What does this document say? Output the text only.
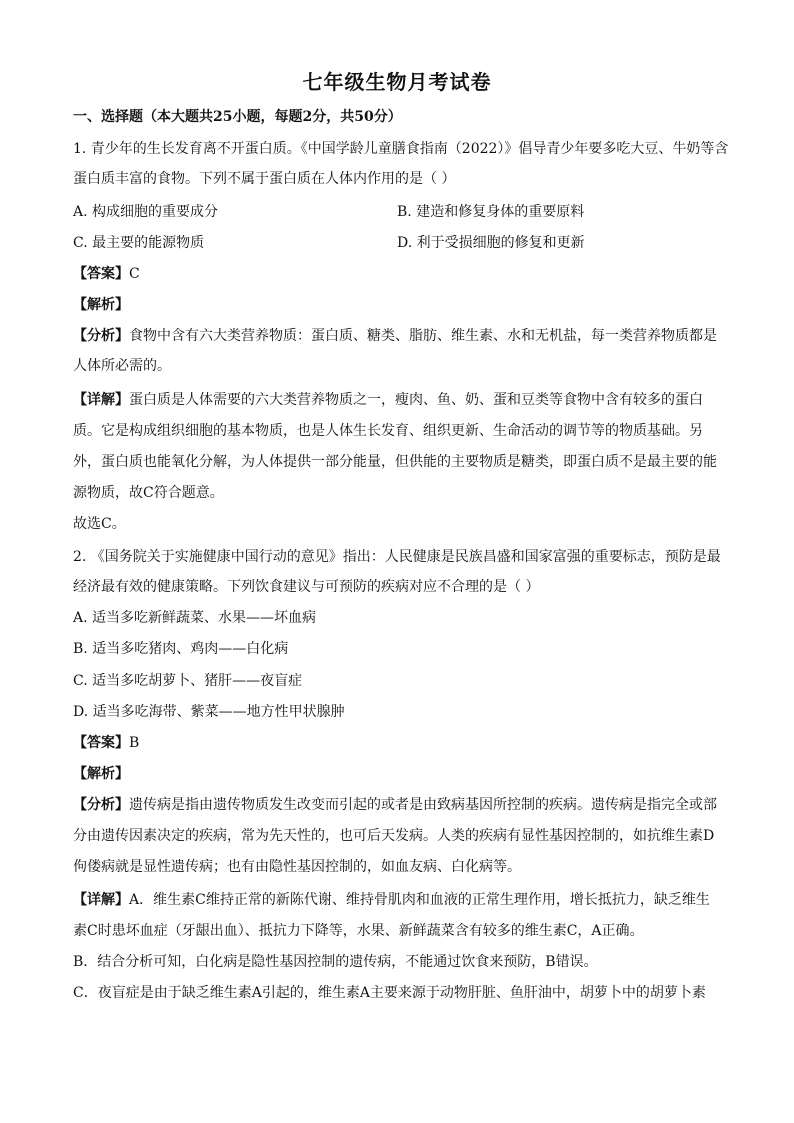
七年级生物月考试卷
一、选择题（本大题共25小题，每题2分，共50分）
1. 青少年的生长发育离不开蛋白质。《中国学龄儿童膳食指南（2022）》倡导青少年要多吃大豆、牛奶等含
蛋白质丰富的食物。下列不属于蛋白质在人体内作用的是（ ）
A. 构成细胞的重要成分	B. 建造和修复身体的重要原料
C. 最主要的能源物质	D. 利于受损细胞的修复和更新
【答案】C
【解析】
【分析】食物中含有六大类营养物质：蛋白质、糖类、脂肪、维生素、水和无机盐，每一类营养物质都是
人体所必需的。
【详解】蛋白质是人体需要的六大类营养物质之一，瘦肉、鱼、奶、蛋和豆类等食物中含有较多的蛋白
质。它是构成组织细胞的基本物质，也是人体生长发育、组织更新、生命活动的调节等的物质基础。另
外，蛋白质也能氧化分解，为人体提供一部分能量，但供能的主要物质是糖类，即蛋白质不是最主要的能
源物质，故C符合题意。
故选C。
2. 《国务院关于实施健康中国行动的意见》指出：人民健康是民族昌盛和国家富强的重要标志，预防是最
经济最有效的健康策略。下列饮食建议与可预防的疾病对应不合理的是（ ）
A. 适当多吃新鲜蔬菜、水果——坏血病
B. 适当多吃猪肉、鸡肉——白化病
C. 适当多吃胡萝卜、猪肝——夜盲症
D. 适当多吃海带、紫菜——地方性甲状腺肿
【答案】B
【解析】
【分析】遗传病是指由遗传物质发生改变而引起的或者是由致病基因所控制的疾病。遗传病是指完全或部
分由遗传因素决定的疾病，常为先天性的，也可后天发病。人类的疾病有显性基因控制的，如抗维生素D
佝偻病就是显性遗传病；也有由隐性基因控制的，如血友病、白化病等。
【详解】A．维生素C维持正常的新陈代谢、维持骨肌肉和血液的正常生理作用，增长抵抗力，缺乏维生
素C时患坏血症（牙龈出血）、抵抗力下降等，水果、新鲜蔬菜含有较多的维生素C，A正确。
B．结合分析可知，白化病是隐性基因控制的遗传病，不能通过饮食来预防，B错误。
C．夜盲症是由于缺乏维生素A引起的，维生素A主要来源于动物肝脏、鱼肝油中，胡萝卜中的胡萝卜素
